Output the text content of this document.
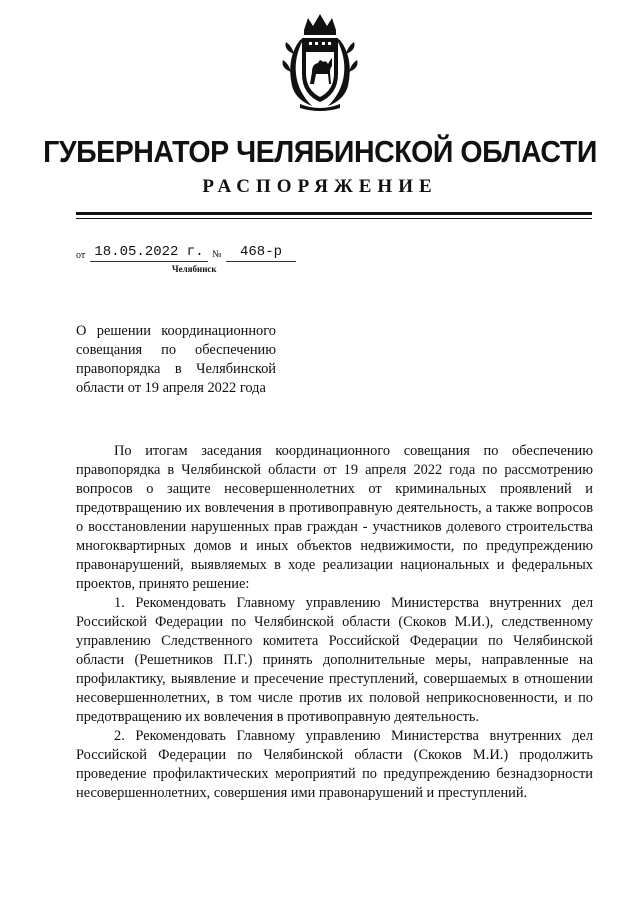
ГУБЕРНАТОР ЧЕЛЯБИНСКОЙ ОБЛАСТИ
РАСПОРЯЖЕНИЕ
от 18.05.2022 г. №	468-р
Челябинск
О решении координационного совещания по обеспечению правопорядка в Челябинской области от 19 апреля 2022 года

По итогам заседания координационного совещания по обеспечению правопорядка в Челябинской области от 19 апреля 2022 года по рассмотрению вопросов о защите несовершеннолетних от криминальных проявлений и предотвращению их вовлечения в противоправную деятельность, а также вопросов о восстановлении нарушенных прав граждан - участников долевого строительства многоквартирных домов и иных объектов недвижимости, по предупреждению правонарушений, выявляемых в ходе реализации национальных и федеральных проектов, принято решение:

1. Рекомендовать Главному управлению Министерства внутренних дел Российской Федерации по Челябинской области (Скоков М.И.), следственному управлению Следственного комитета Российской Федерации по Челябинской области (Решетников П.Г.) принять дополнительные меры, направленные на профилактику, выявление и пресечение преступлений, совершаемых в отношении несовершеннолетних, в том числе против их половой неприкосновенности, и по предотвращению их вовлечения в противоправную деятельность.

2. Рекомендовать Главному управлению Министерства внутренних дел Российской Федерации по Челябинской области (Скоков М.И.) продолжить проведение профилактических мероприятий по предупреждению безнадзорности несовершеннолетних, совершения ими правонарушений и преступлений.
